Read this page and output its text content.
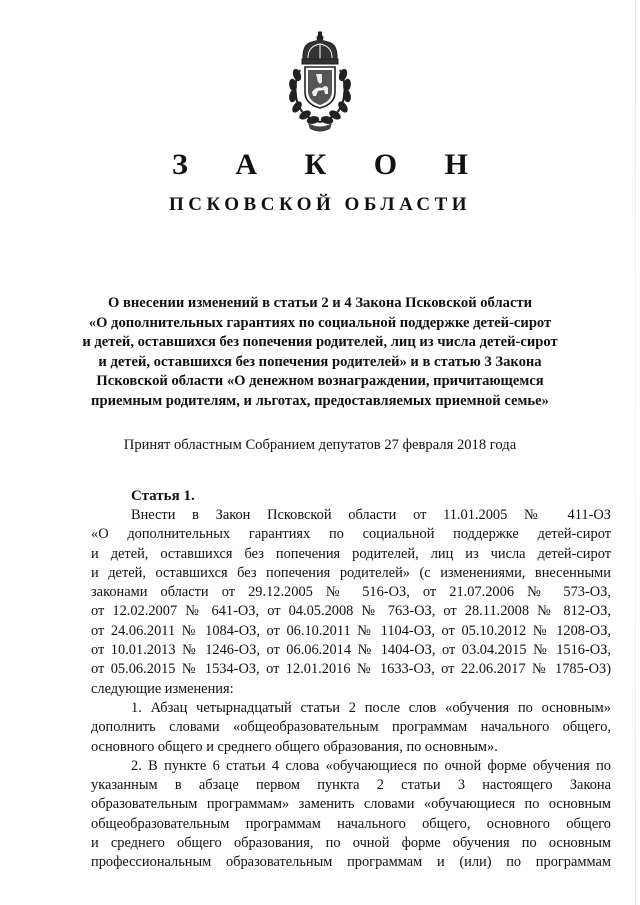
З А К О Н
ПСКОВСКОЙ ОБЛАСТИ
О внесении изменений в статьи 2 и 4 Закона Псковской области
«О дополнительных гарантиях по социальной поддержке детей-сирот
и детей, оставшихся без попечения родителей, лиц из числа детей-сирот
и детей, оставшихся без попечения родителей» и в статью 3 Закона
Псковской области «О денежном вознаграждении, причитающемся
приемным родителям, и льготах, предоставляемых приемной семье»

Принят областным Собранием депутатов 27 февраля 2018 года

Статья 1.
Внести в Закон Псковской области от 11.01.2005 № 411-ОЗ
«О дополнительных гарантиях по социальной поддержке детей-сирот
и детей, оставшихся без попечения родителей, лиц из числа детей-сирот
и детей, оставшихся без попечения родителей» (с изменениями, внесенными
законами области от 29.12.2005 № 516-ОЗ, от 21.07.2006 № 573-ОЗ,
от 12.02.2007 № 641-ОЗ, от 04.05.2008 № 763-ОЗ, от 28.11.2008 № 812-ОЗ,
от 24.06.2011 № 1084-ОЗ, от 06.10.2011 № 1104-ОЗ, от 05.10.2012 № 1208-ОЗ,
от 10.01.2013 № 1246-ОЗ, от 06.06.2014 № 1404-ОЗ, от 03.04.2015 № 1516-ОЗ,
от 05.06.2015 № 1534-ОЗ, от 12.01.2016 № 1633-ОЗ, от 22.06.2017 № 1785-ОЗ)
следующие изменения:
1. Абзац четырнадцатый статьи 2 после слов «обучения по основным»
дополнить словами «общеобразовательным программам начального общего,
основного общего и среднего общего образования, по основным».
2. В пункте 6 статьи 4 слова «обучающиеся по очной форме обучения по
указанным в абзаце первом пункта 2 статьи 3 настоящего Закона
образовательным программам» заменить словами «обучающиеся по основным
общеобразовательным программам начального общего, основного общего
и среднего общего образования, по очной форме обучения по основным
профессиональным образовательным программам и (или) по программам
